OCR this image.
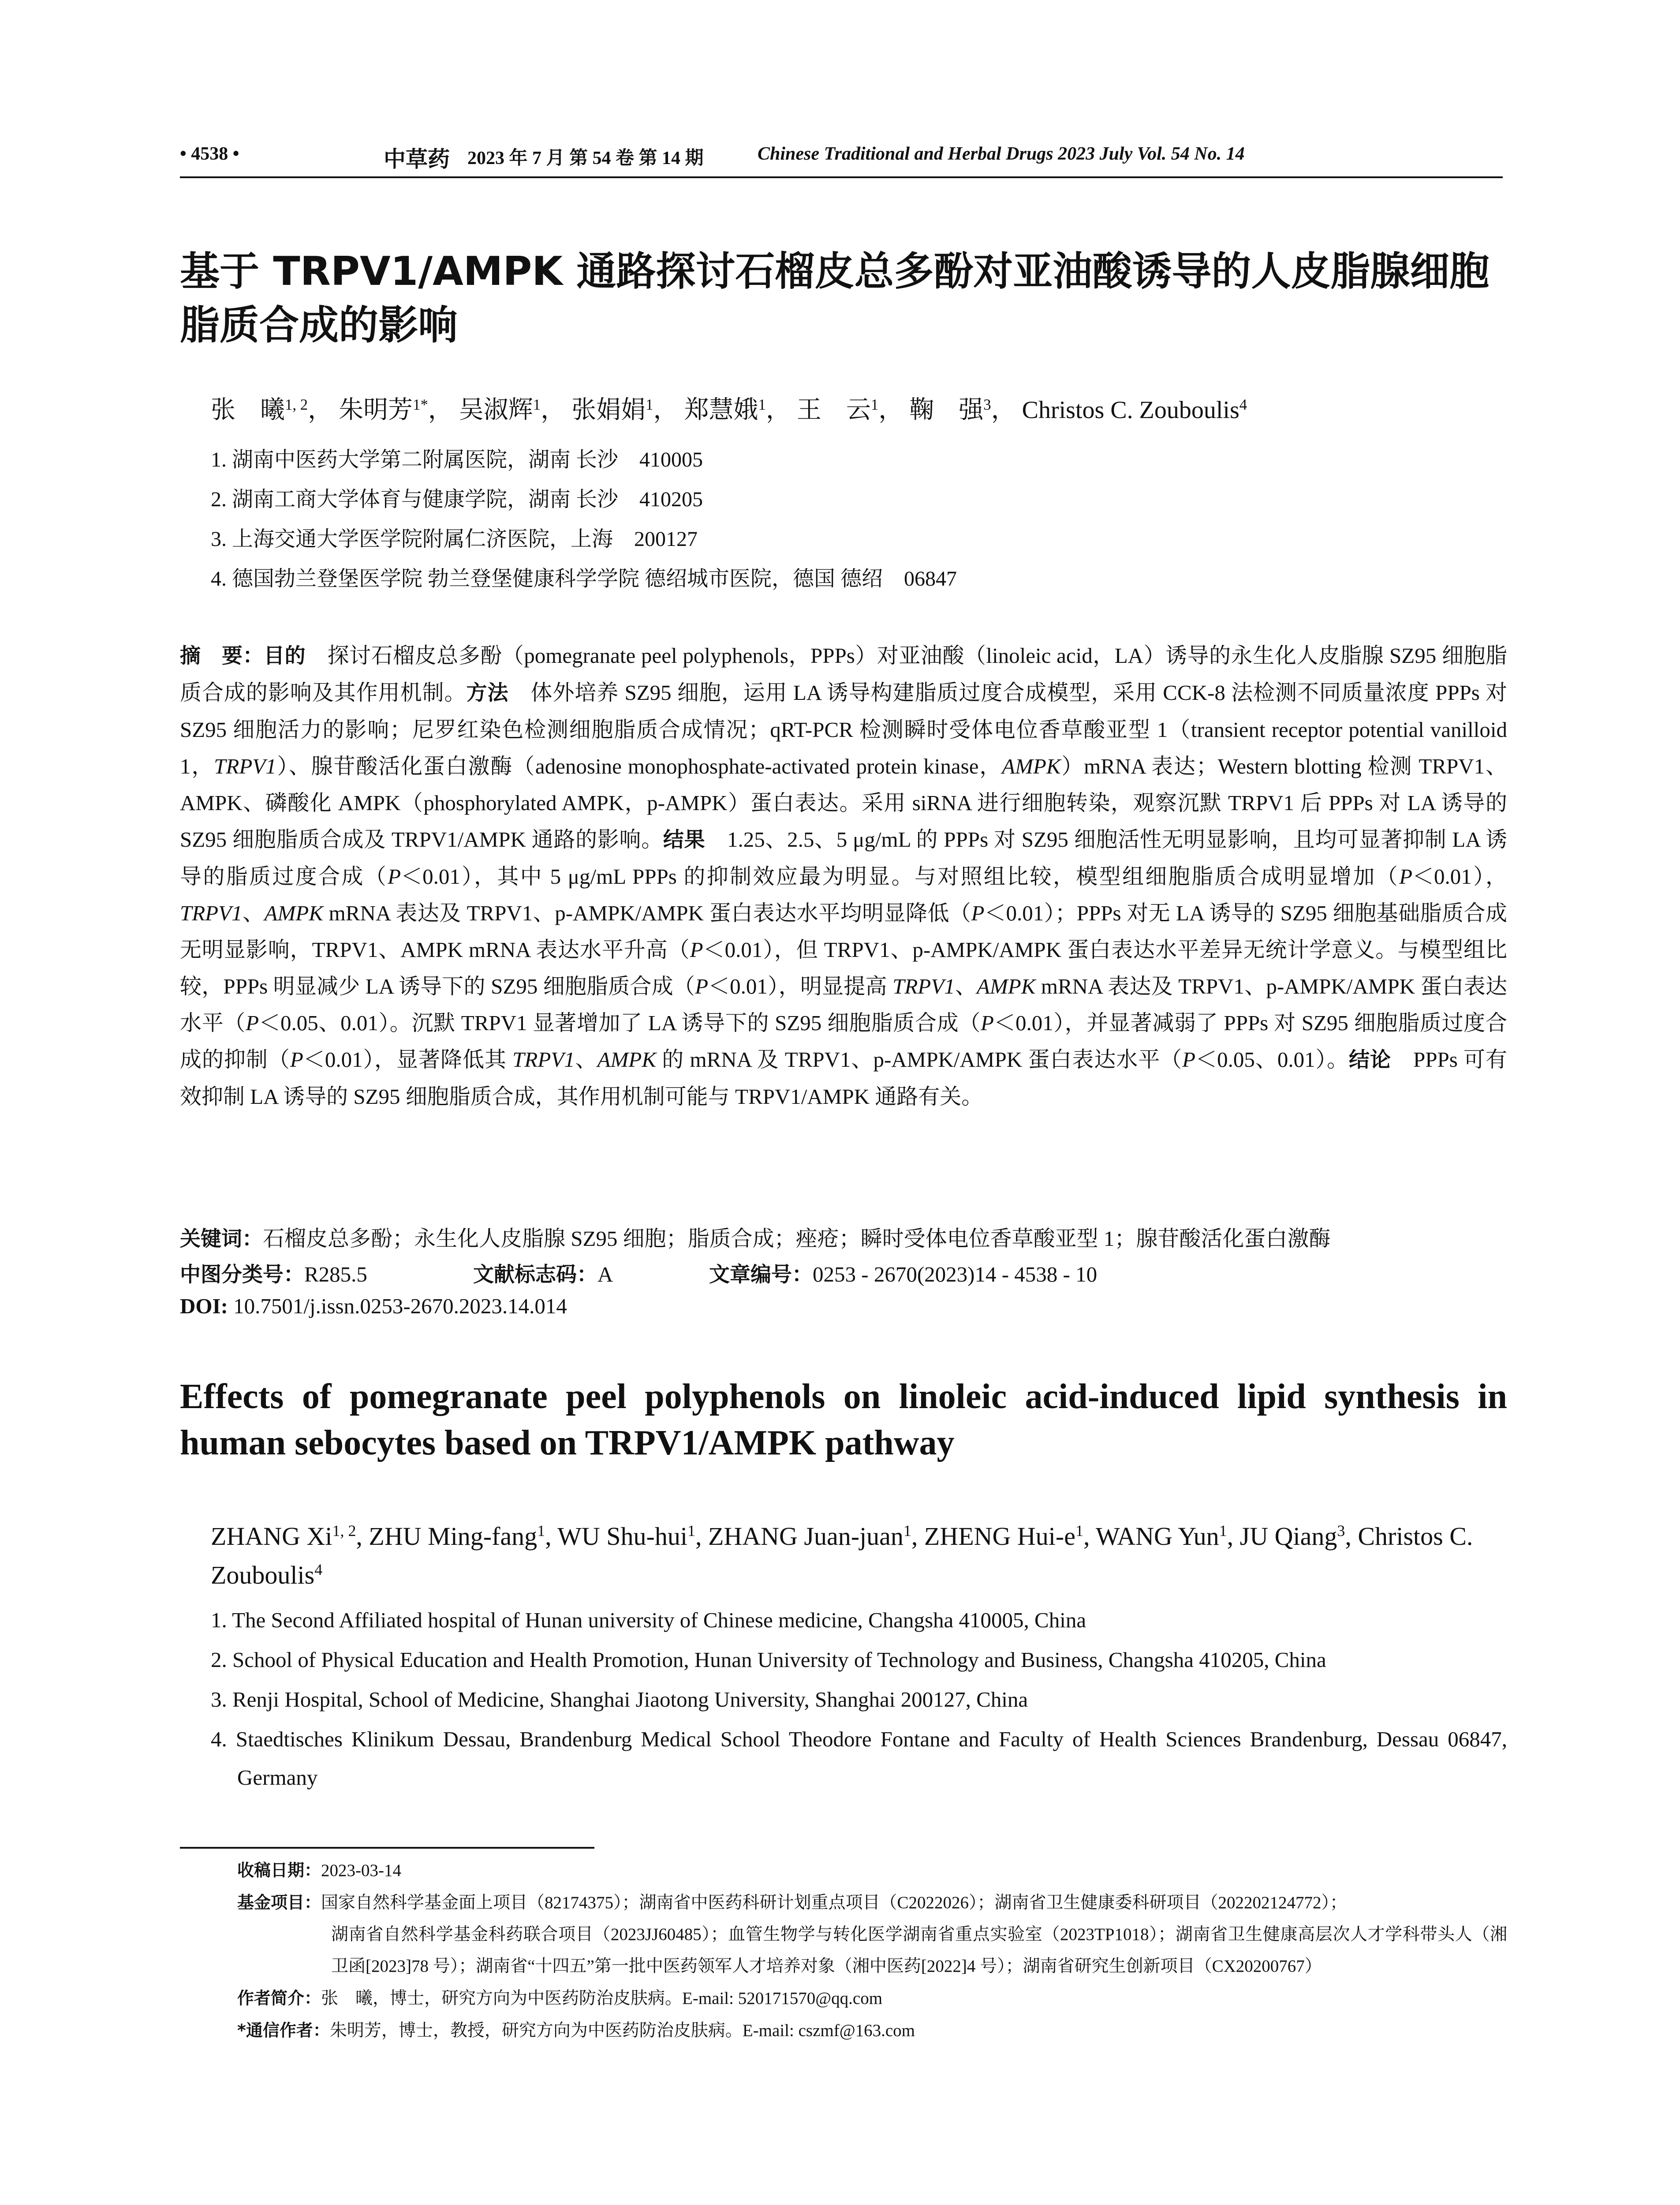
• 4538 •	中草药 2023 年 7 月 第 54 卷 第 14 期	Chinese Traditional and Herbal Drugs 2023 July Vol. 54 No. 14
基于 TRPV1/AMPK 通路探讨石榴皮总多酚对亚油酸诱导的人皮脂腺细胞脂质合成的影响
张　曦$^{1, 2}$， 朱明芳$^{1*}$， 吴淑辉$^1$， 张娟娟$^1$， 郑慧娥$^1$， 王　云$^1$， 鞠　强$^3$， Christos C. Zouboulis$^4$
1. 湖南中医药大学第二附属医院，湖南 长沙　410005
2. 湖南工商大学体育与健康学院，湖南 长沙　410205
3. 上海交通大学医学院附属仁济医院，上海　200127
4. 德国勃兰登堡医学院 勃兰登堡健康科学学院 德绍城市医院，德国 德绍　06847
摘　要：目的　 探讨石榴皮总多酚（pomegranate peel polyphenols，PPPs）对亚油酸（linoleic acid，LA）诱导的永生化人皮脂腺 SZ95 细胞脂质合成的影响及其作用机制。方法　 体外培养 SZ95 细胞，运用 LA 诱导构建脂质过度合成模型，采用 CCK-8 法检测不同质量浓度 PPPs 对 SZ95 细胞活力的影响；尼罗红染色检测细胞脂质合成情况；qRT-PCR 检测瞬时受体电位香草酸亚型 1（transient receptor potential vanilloid 1，TRPV1）、腺苷酸活化蛋白激酶（adenosine monophosphate-activated protein kinase，AMPK）mRNA 表达；Western blotting 检测 TRPV1、AMPK、磷酸化 AMPK（phosphorylated AMPK，p-AMPK）蛋白表达。采用 siRNA 进行细胞转染，观察沉默 TRPV1 后 PPPs 对 LA 诱导的 SZ95 细胞脂质合成及 TRPV1/AMPK 通路的影响。结果　 1.25、2.5、5 μg/mL 的 PPPs 对 SZ95 细胞活性无明显影响，且均可显著抑制 LA 诱导的脂质过度合成（P＜0.01），其中 5 μg/mL PPPs 的抑制效应最为明显。与对照组比较，模型组细胞脂质合成明显增加（P＜0.01），TRPV1、AMPK mRNA 表达及 TRPV1、p-AMPK/AMPK 蛋白表达水平均明显降低（P＜0.01）；PPPs 对无 LA 诱导的 SZ95 细胞基础脂质合成无明显影响，TRPV1、AMPK mRNA 表达水平升高（P＜0.01），但 TRPV1、p-AMPK/AMPK 蛋白表达水平差异无统计学意义。与模型组比较，PPPs 明显减少 LA 诱导下的 SZ95 细胞脂质合成（P＜0.01），明显提高 TRPV1、AMPK mRNA 表达及 TRPV1、p-AMPK/AMPK 蛋白表达水平（P＜0.05、0.01）。沉默 TRPV1 显著增加了 LA 诱导下的 SZ95 细胞脂质合成（P＜0.01），并显著减弱了 PPPs 对 SZ95 细胞脂质过度合成的抑制（P＜0.01），显著降低其 TRPV1、AMPK 的 mRNA 及 TRPV1、p-AMPK/AMPK 蛋白表达水平（P＜0.05、0.01）。结论　 PPPs 可有效抑制 LA 诱导的 SZ95 细胞脂质合成，其作用机制可能与 TRPV1/AMPK 通路有关。
关键词：石榴皮总多酚；永生化人皮脂腺 SZ95 细胞；脂质合成；痤疮；瞬时受体电位香草酸亚型 1；腺苷酸活化蛋白激酶
中图分类号：R285.5	文献标志码：A	文章编号：0253 - 2670(2023)14 - 4538 - 10
DOI: 10.7501/j.issn.0253-2670.2023.14.014
Effects of pomegranate peel polyphenols on linoleic acid-induced lipid synthesis in human sebocytes based on TRPV1/AMPK pathway
ZHANG Xi$^{1, 2}$, ZHU Ming-fang$^1$, WU Shu-hui$^1$, ZHANG Juan-juan$^1$, ZHENG Hui-$e^1$, WANG Yun$^1$, JU Qiang$^3$, Christos C. Zouboulis$^4$
1. The Second Affiliated hospital of Hunan university of Chinese medicine, Changsha 410005, China
2. School of Physical Education and Health Promotion, Hunan University of Technology and Business, Changsha 410205, China
3. Renji Hospital, School of Medicine, Shanghai Jiaotong University, Shanghai 200127, China
4. Staedtisches Klinikum Dessau, Brandenburg Medical School Theodore Fontane and Faculty of Health Sciences Brandenburg, Dessau 06847, Germany
收稿日期：2023-03-14
基金项目：国家自然科学基金面上项目（82174375）；湖南省中医药科研计划重点项目（C2022026）；湖南省卫生健康委科研项目（202202124772）；
湖南省自然科学基金科药联合项目（2023JJ60485）；血管生物学与转化医学湖南省重点实验室（2023TP1018）；湖南省卫生健康高层次人才学科带头人（湘卫函[2023]78 号）；湖南省“十四五”第一批中医药领军人才培养对象（湘中医药[2022]4 号）；湖南省研究生创新项目（CX20200767）
作者简介：张　曦，博士，研究方向为中医药防治皮肤病。E-mail: 520171570@qq.com
*通信作者：朱明芳，博士，教授，研究方向为中医药防治皮肤病。E-mail: cszmf@163.com
